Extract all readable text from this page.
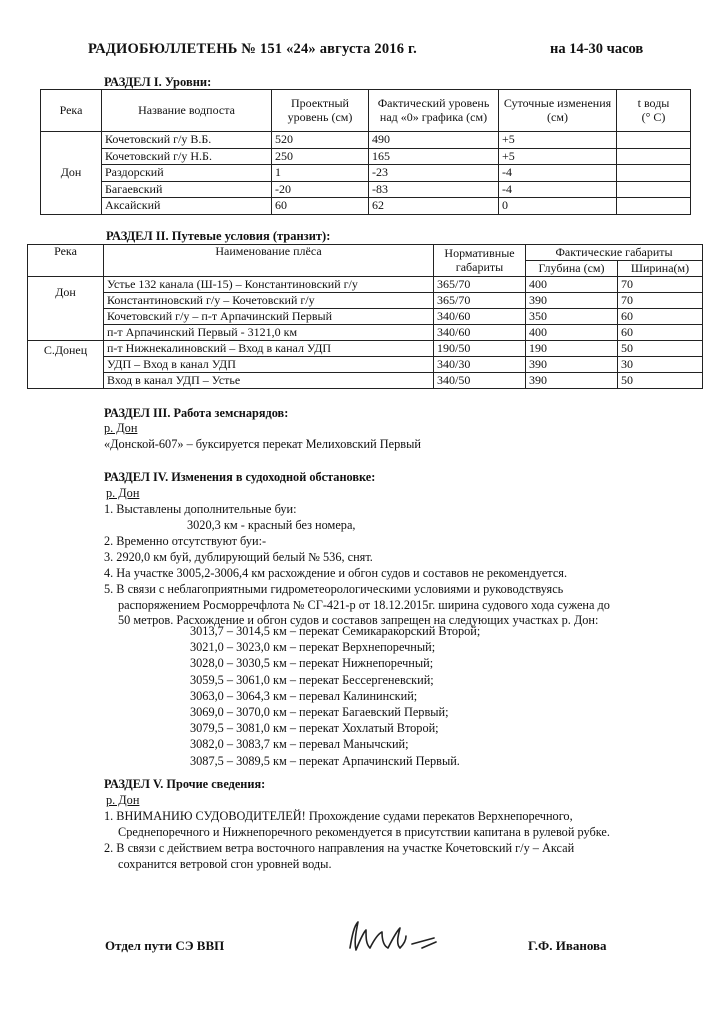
РАДИОБЮЛЛЕТЕНЬ № 151 «24» августа 2016 г.	на 14-30 часов
РАЗДЕЛ I. Уровни:
Река	Название водпоста	Проектный уровень (см)	Фактический уровень над «0» графика (см)	Суточные изменения (см)	t воды
(° С)

Дон	Кочетовский г/у В.Б.	520	490	+5	
	Кочетовский г/у Н.Б.	250	165	+5	
	Раздорский	1	-23	-4	
	Багаевский	-20	-83	-4	
	Аксайский	60	62	0	
РАЗДЕЛ II. Путевые условия (транзит):
Река	Наименование плёса	Нормативные габариты	Фактические габариты	
			Глубина (см)	Ширина(м)
Дон	Устье 132 канала (Ш-15) – Константиновский г/у	365/70	400	70
	Константиновский г/у – Кочетовский г/у	365/70	390	70
	Кочетовский г/у – п-т Арпачинский Первый	340/60	350	60
	п-т Арпачинский Первый - 3121,0 км	340/60	400	60
С.Донец	п-т Нижнекалиновский – Вход в канал УДП	190/50	190	50
	УДП – Вход в канал УДП	340/30	390	30
	Вход в канал УДП – Устье	340/50	390	50
РАЗДЕЛ III. Работа земснарядов:
р. Дон
«Донской-607» – буксируется перекат Мелиховский Первый
РАЗДЕЛ IV. Изменения в судоходной обстановке:
р. Дон
1. Выставлены дополнительные буи:
3020,3 км - красный без номера,
2. Временно отсутствуют буи:-
3. 2920,0 км буй, дублирующий белый № 536, снят.
4. На участке 3005,2-3006,4 км расхождение и обгон судов и составов не рекомендуется.
5. В связи с неблагоприятными гидрометеорологическими условиями и руководствуясь
распоряжением Росморречфлота № СГ-421-р от 18.12.2015г. ширина судового хода сужена до
50 метров. Расхождение и обгон судов и составов запрещен на следующих участках р. Дон:
3013,7 – 3014,5 км – перекат Семикаракорский Второй;
3021,0 – 3023,0 км – перекат Верхнепоречный;
3028,0 – 3030,5 км – перекат Нижнепоречный;
3059,5 – 3061,0 км – перекат Бессергеневский;
3063,0 – 3064,3 км – перевал Калининский;
3069,0 – 3070,0 км – перекат Багаевский Первый;
3079,5 – 3081,0 км – перекат Хохлатый Второй;
3082,0 – 3083,7 км – перевал Манычский;
3087,5 – 3089,5 км – перекат Арпачинский Первый.
РАЗДЕЛ V. Прочие сведения:
р. Дон
1. ВНИМАНИЮ СУДОВОДИТЕЛЕЙ! Прохождение судами перекатов Верхнепоречного,
Среднепоречного и Нижнепоречного рекомендуется в присутствии капитана в рулевой рубке.
2. В связи с действием ветра восточного направления на участке Кочетовский г/у – Аксай
сохранится ветровой сгон уровней воды.
Отдел пути СЭ ВВП	Г.Ф. Иванова
